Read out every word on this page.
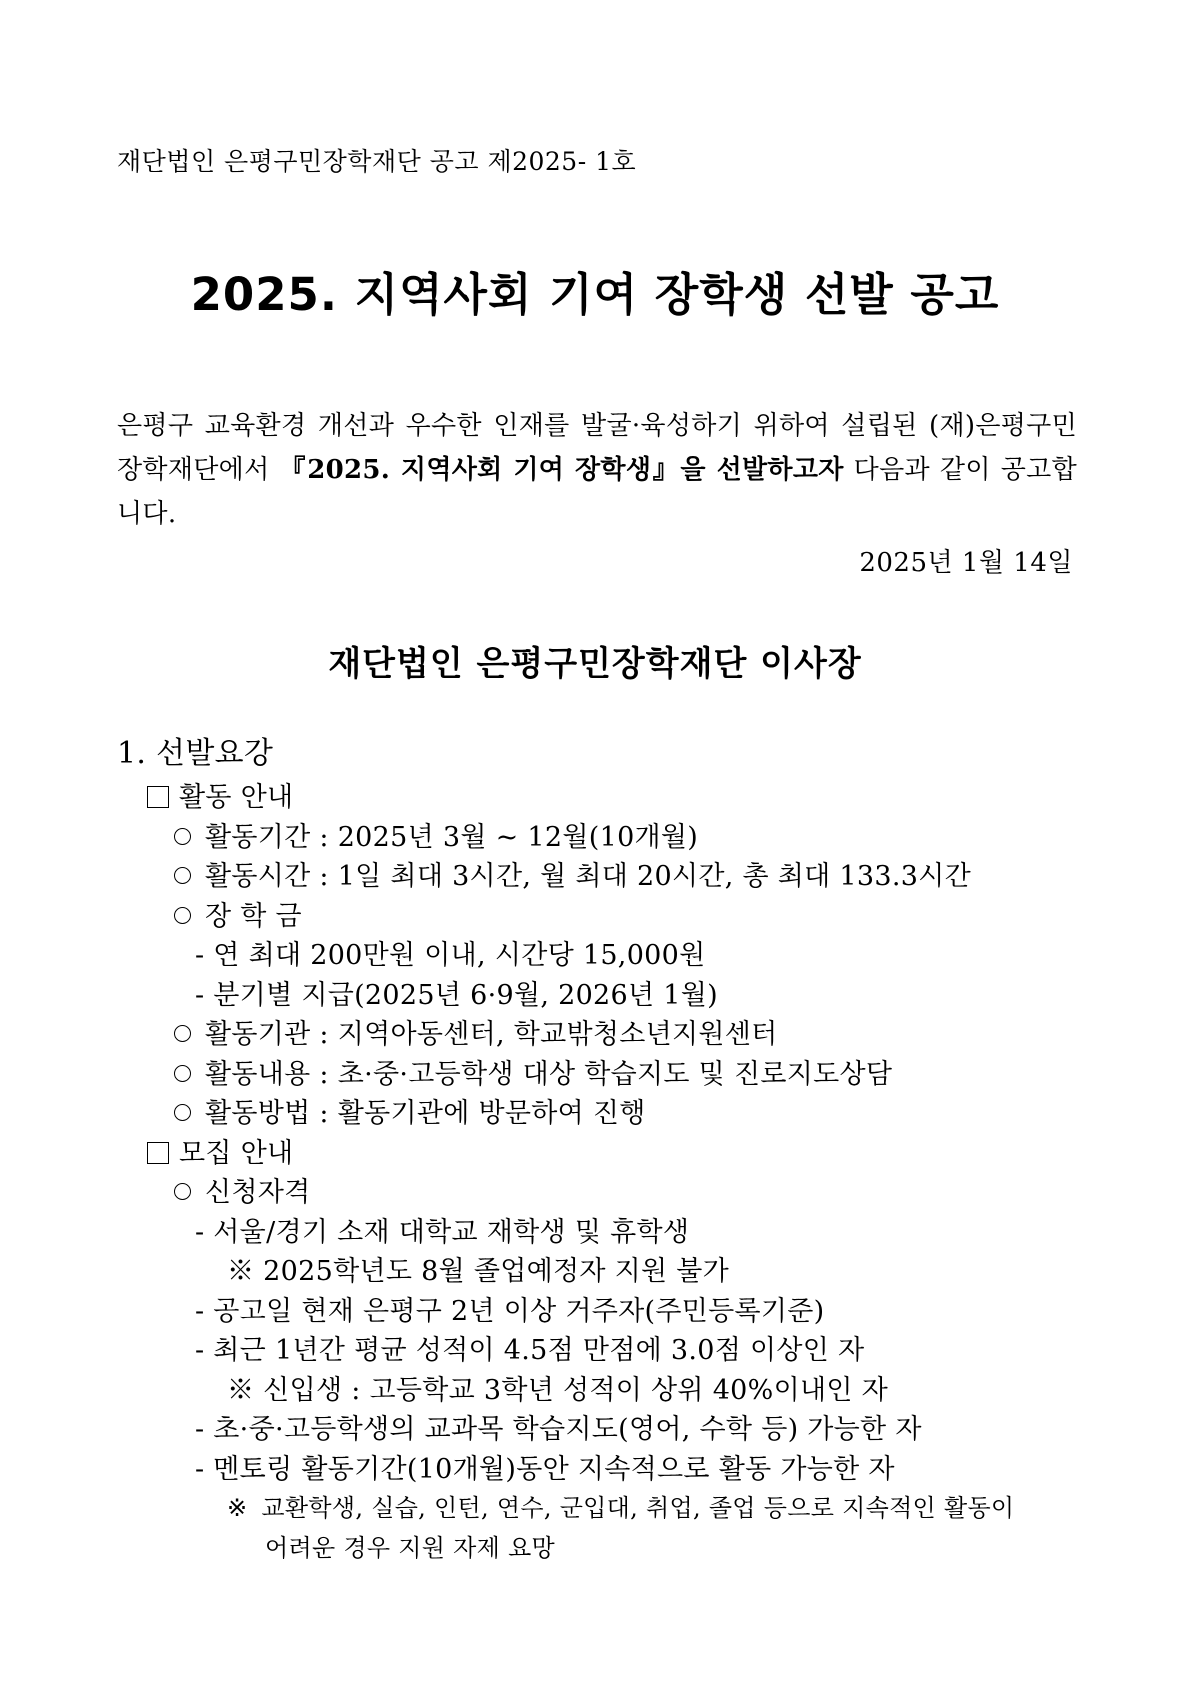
재단법인 은평구민장학재단 공고 제2025- 1호
2025. 지역사회 기여 장학생 선발 공고
은평구 교육환경 개선과 우수한 인재를 발굴·육성하기 위하여 설립된 (재)은평구민장학재단에서 『2025. 지역사회 기여 장학생』을 선발하고자 다음과 같이 공고합니다.
2025년 1월 14일
재단법인 은평구민장학재단 이사장
1. 선발요강
활동 안내
활동기간 : 2025년 3월 ~ 12월(10개월)
활동시간 : 1일 최대 3시간, 월 최대 20시간, 총 최대 133.3시간
장 학 금
- 연 최대 200만원 이내, 시간당 15,000원
- 분기별 지급(2025년 6·9월, 2026년 1월)
활동기관 : 지역아동센터, 학교밖청소년지원센터
활동내용 : 초·중·고등학생 대상 학습지도 및 진로지도상담
활동방법 : 활동기관에 방문하여 진행
모집 안내
신청자격
- 서울/경기 소재 대학교 재학생 및 휴학생
※ 2025학년도 8월 졸업예정자 지원 불가
- 공고일 현재 은평구 2년 이상 거주자(주민등록기준)
- 최근 1년간 평균 성적이 4.5점 만점에 3.0점 이상인 자
※ 신입생 : 고등학교 3학년 성적이 상위 40%이내인 자
- 초·중·고등학생의 교과목 학습지도(영어, 수학 등) 가능한 자
- 멘토링 활동기간(10개월)동안 지속적으로 활동 가능한 자
※ 교환학생, 실습, 인턴, 연수, 군입대, 취업, 졸업 등으로 지속적인 활동이
어려운 경우 지원 자제 요망
